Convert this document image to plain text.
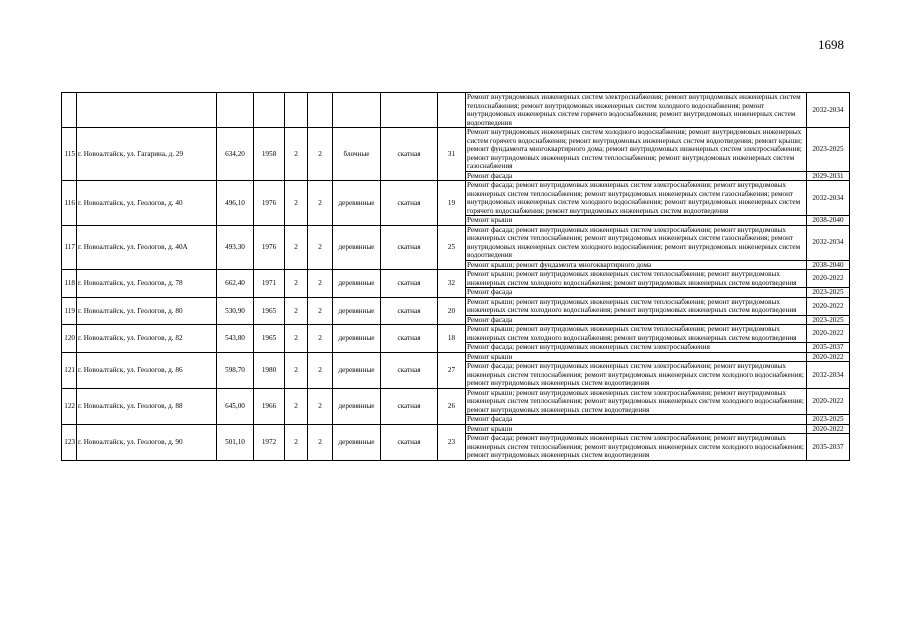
1698
									Ремонт внутридомовых инженерных систем электроснабжения; ремонт внутридомовых инженерных систем теплоснабжения; ремонт внутридомовых инженерных систем холодного водоснабжения; ремонт внутридомовых инженерных систем горячего водоснабжения; ремонт внутридомовых инженерных систем водоотведения	2032-2034
115	г. Новоалтайск, ул. Гагарина, д. 29	634,20	1958	2	2	блочные	скатная	31	Ремонт внутридомовых инженерных систем холодного водоснабжения; ремонт внутридомовых инженерных систем горячего водоснабжения; ремонт внутридомовых инженерных систем водоотведения; ремонт крыши; ремонт фундамента многоквартирного дома; ремонт внутридомовых инженерных систем электроснабжения; ремонт внутридомовых инженерных систем теплоснабжения; ремонт внутридомовых инженерных систем газоснабжения	2023-2025
									Ремонт фасада	2029-2031
116	г. Новоалтайск, ул. Геологов, д. 40	496,10	1976	2	2	деревянные	скатная	19	Ремонт фасада; ремонт внутридомовых инженерных систем электроснабжения; ремонт внутридомовых инженерных систем теплоснабжения; ремонт внутридомовых инженерных систем газоснабжения; ремонт внутридомовых инженерных систем холодного водоснабжения; ремонт внутридомовых инженерных систем горячего водоснабжения; ремонт внутридомовых инженерных систем водоотведения	2032-2034
									Ремонт крыши	2038-2040
117	г. Новоалтайск, ул. Геологов, д. 40А	493,30	1976	2	2	деревянные	скатная	25	Ремонт фасада; ремонт внутридомовых инженерных систем электроснабжения; ремонт внутридомовых инженерных систем теплоснабжения; ремонт внутридомовых инженерных систем газоснабжения; ремонт внутридомовых инженерных систем холодного водоснабжения; ремонт внутридомовых инженерных систем водоотведения	2032-2034
									Ремонт крыши; ремонт фундамента многоквартирного дома	2038-2040
118	г. Новоалтайск, ул. Геологов, д. 78	662,40	1971	2	2	деревянные	скатная	32	Ремонт крыши; ремонт внутридомовых инженерных систем теплоснабжения; ремонт внутридомовых инженерных систем холодного водоснабжения; ремонт внутридомовых инженерных систем водоотведения	2020-2022
									Ремонт фасада	2023-2025
119	г. Новоалтайск, ул. Геологов, д. 80	530,90	1965	2	2	деревянные	скатная	20	Ремонт крыши; ремонт внутридомовых инженерных систем теплоснабжения; ремонт внутридомовых инженерных систем холодного водоснабжения; ремонт внутридомовых инженерных систем водоотведения	2020-2022
									Ремонт фасада	2023-2025
120	г. Новоалтайск, ул. Геологов, д. 82	543,80	1965	2	2	деревянные	скатная	18	Ремонт крыши; ремонт внутридомовых инженерных систем теплоснабжения; ремонт внутридомовых инженерных систем холодного водоснабжения; ремонт внутридомовых инженерных систем водоотведения	2020-2022
									Ремонт фасада; ремонт внутридомовых инженерных систем электроснабжения	2035-2037
121	г. Новоалтайск, ул. Геологов, д. 86	598,70	1980	2	2	деревянные	скатная	27	Ремонт крыши	2020-2022
									Ремонт фасада; ремонт внутридомовых инженерных систем электроснабжения; ремонт внутридомовых инженерных систем теплоснабжения; ремонт внутридомовых инженерных систем холодного водоснабжения; ремонт внутридомовых инженерных систем водоотведения	2032-2034
122	г. Новоалтайск, ул. Геологов, д. 88	645,00	1966	2	2	деревянные	скатная	26	Ремонт крыши; ремонт внутридомовых инженерных систем электроснабжения; ремонт внутридомовых инженерных систем теплоснабжения; ремонт внутридомовых инженерных систем холодного водоснабжения; ремонт внутридомовых инженерных систем водоотведения	2020-2022
									Ремонт фасада	2023-2025
123	г. Новоалтайск, ул. Геологов, д. 90	501,10	1972	2	2	деревянные	скатная	23	Ремонт крыши	2020-2022
									Ремонт фасада; ремонт внутридомовых инженерных систем электроснабжения; ремонт внутридомовых инженерных систем теплоснабжения; ремонт внутридомовых инженерных систем холодного водоснабжения; ремонт внутридомовых инженерных систем водоотведения	2035-2037
